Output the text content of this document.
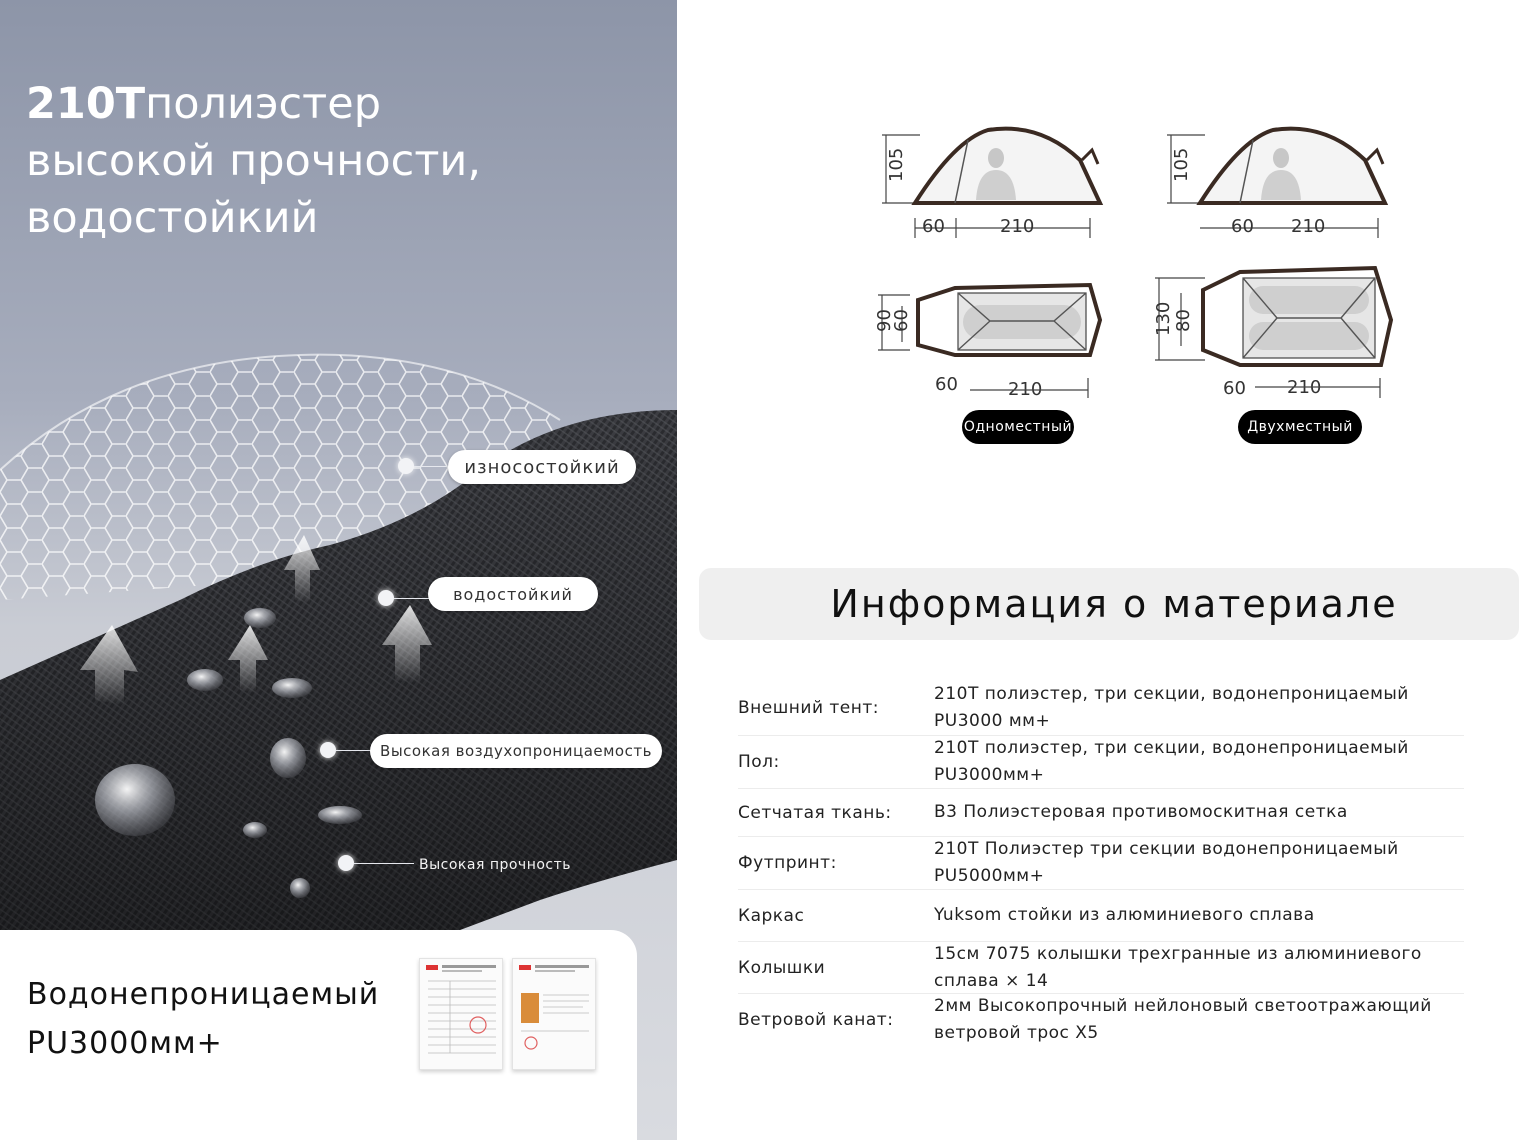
210Tполиэстер высокой прочности, водостойкий
износостойкий
водостойкий
Высокая воздухопроницаемость
Высокая прочность
Водонепроницаемый
PU3000мм+
105
60	210
105
60 210
90
60
60	210
130 80
60 210
Одноместный	Двухместный
Информация о материале
Внешний тент:
210Т полиэстер, три секции, водонепроницаемый PU3000 мм+
Пол:
210Т полиэстер, три секции, водонепроницаемый PU3000мм+
Сетчатая ткань:	B3 Полиэстеровая противомоскитная сетка
Футпринт:
210T Полиэстер три секции водонепроницаемый PU5000мм+
Каркас	Yuksom стойки из алюминиевого сплава
Колышки
15см 7075 колышки трехгранные из алюминиевого сплава × 14
Ветровой канат:
2мм Высокопрочный нейлоновый светоотражающий ветровой трос X5
